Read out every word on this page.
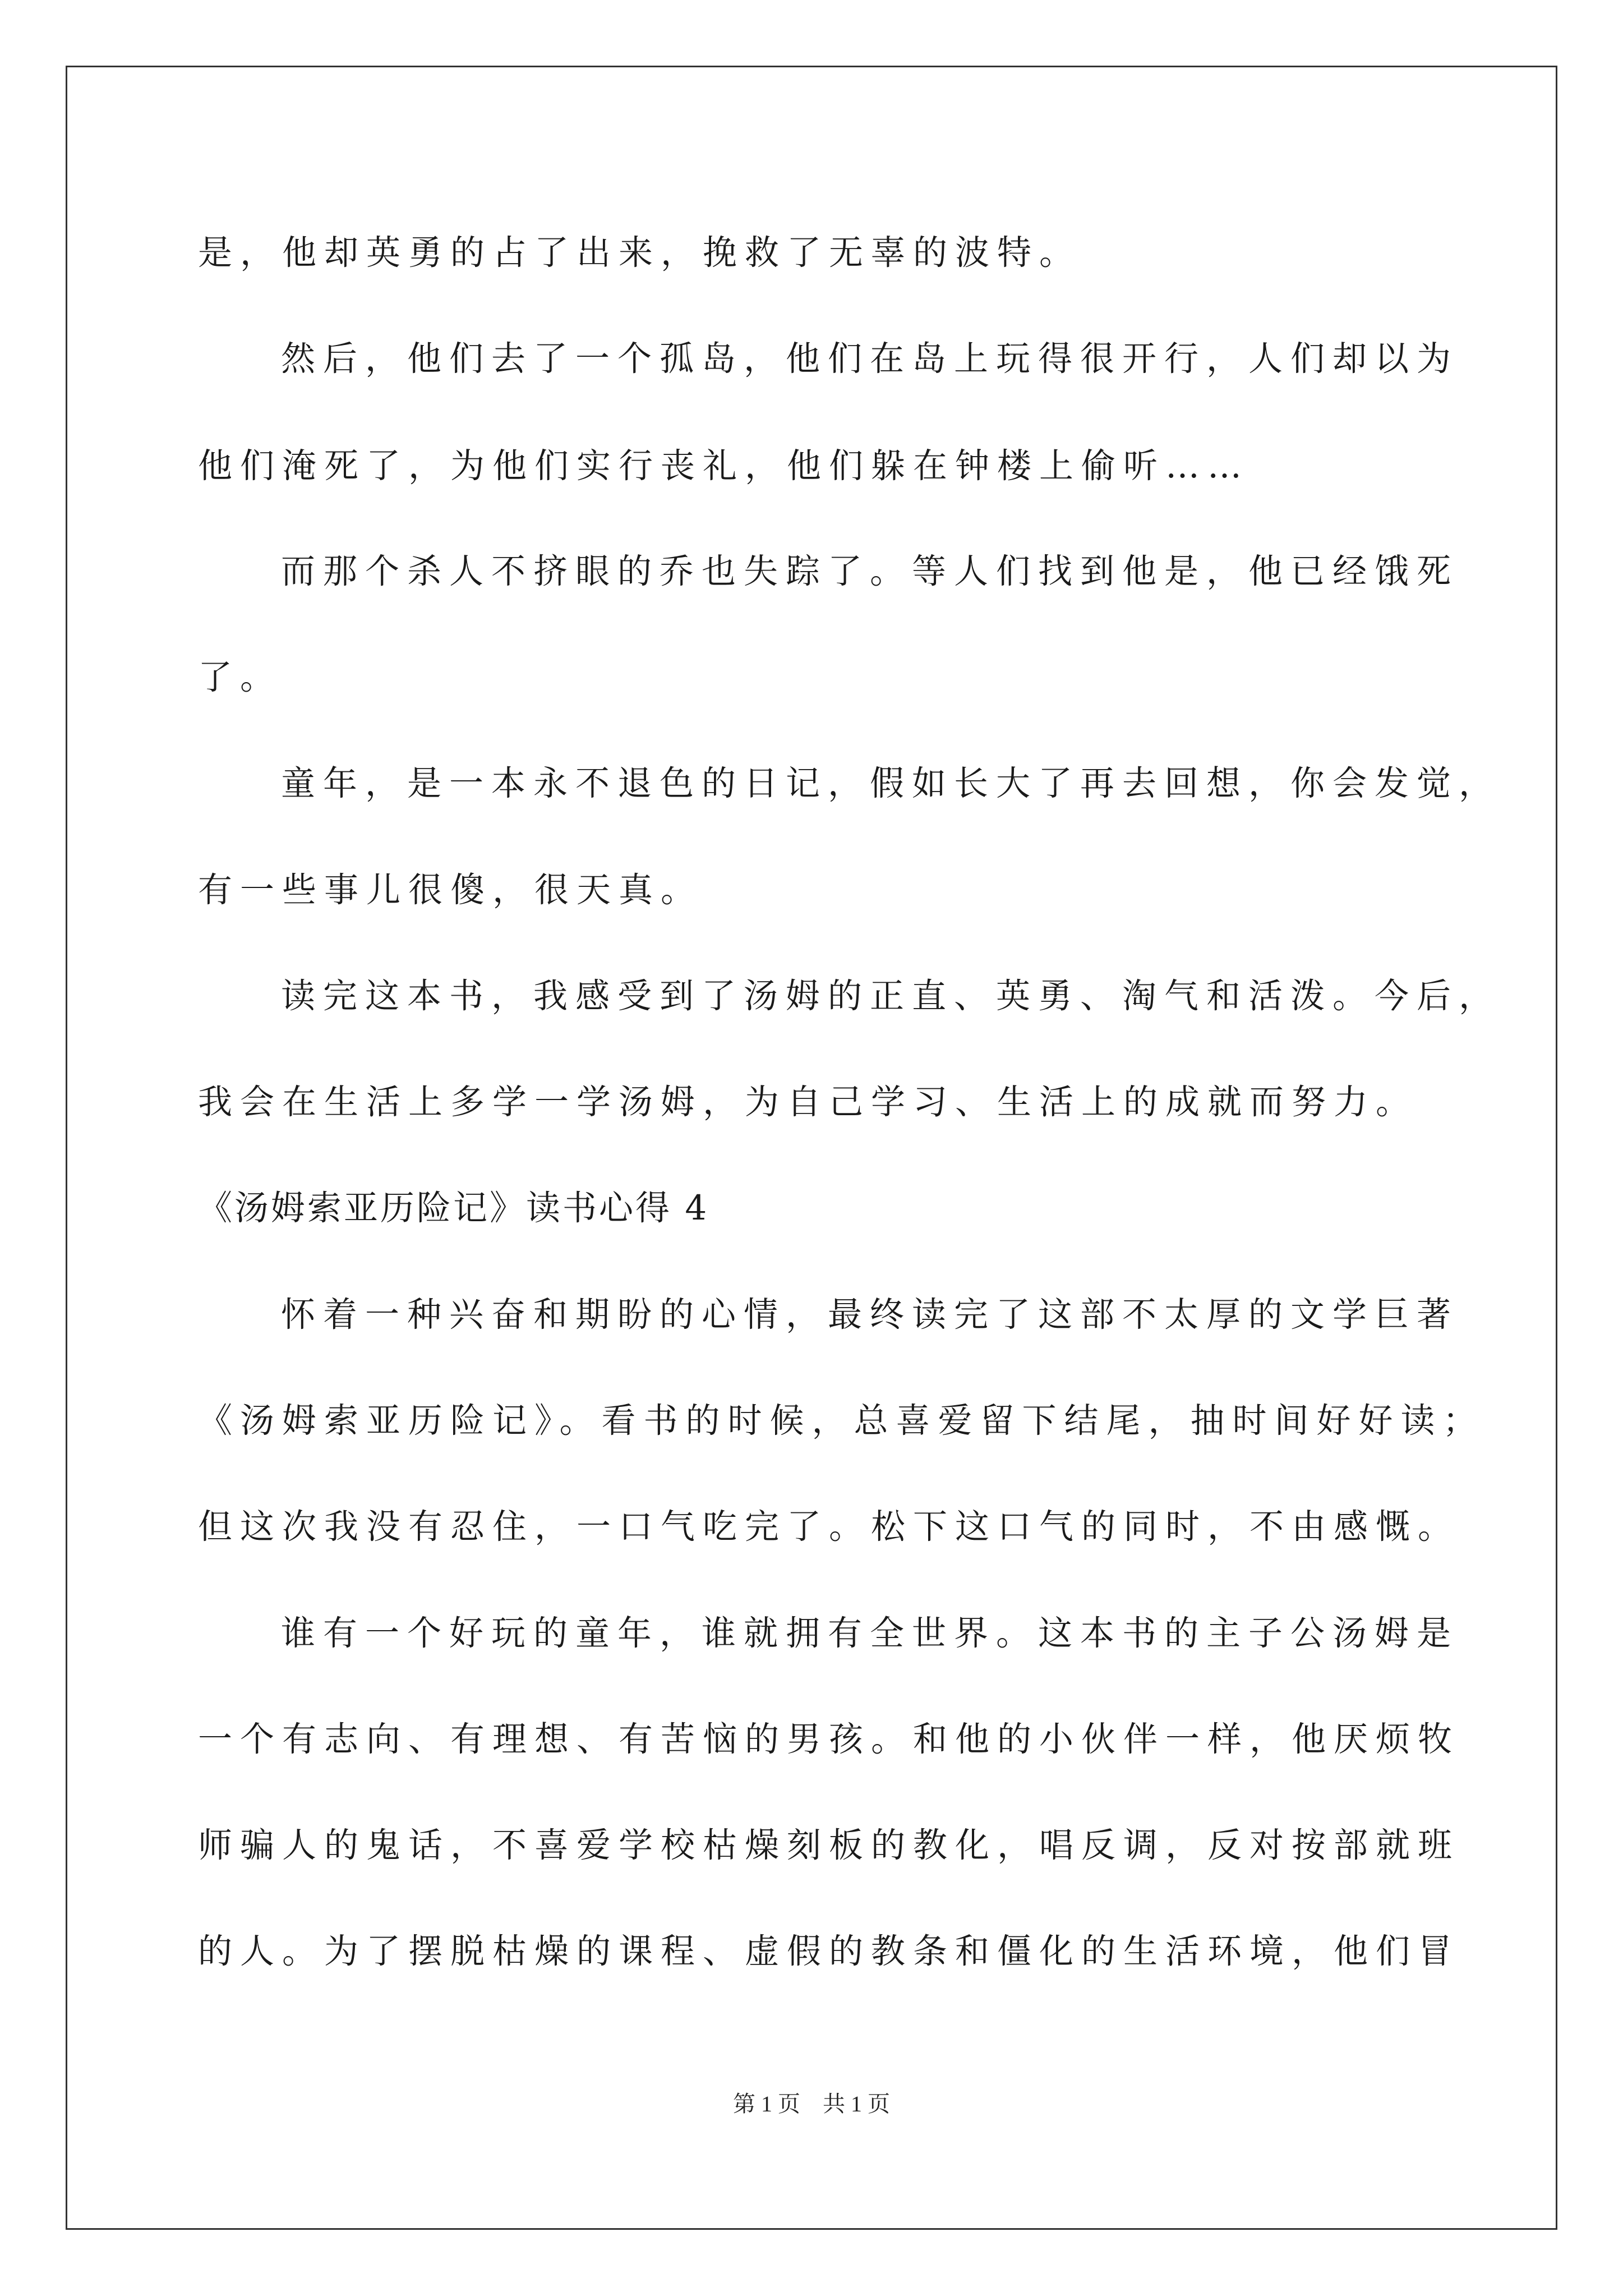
是，他却英勇的占了出来，挽救了无辜的波特。
然后，他们去了一个孤岛，他们在岛上玩得很开行，人们却以为
他们淹死了，为他们实行丧礼，他们躲在钟楼上偷听……
而那个杀人不挤眼的乔也失踪了。等人们找到他是，他已经饿死
了。
童年，是一本永不退色的日记，假如长大了再去回想，你会发觉，
有一些事儿很傻，很天真。
读完这本书，我感受到了汤姆的正直、英勇、淘气和活泼。今后，
我会在生活上多学一学汤姆，为自己学习、生活上的成就而努力。
《汤姆索亚历险记》读书心得 4
怀着一种兴奋和期盼的心情，最终读完了这部不太厚的文学巨著
《汤姆索亚历险记》。看书的时候，总喜爱留下结尾，抽时间好好读；
但这次我没有忍住，一口气吃完了。松下这口气的同时，不由感慨。
谁有一个好玩的童年，谁就拥有全世界。这本书的主子公汤姆是
一个有志向、有理想、有苦恼的男孩。和他的小伙伴一样，他厌烦牧
师骗人的鬼话，不喜爱学校枯燥刻板的教化，唱反调，反对按部就班
的人。为了摆脱枯燥的课程、虚假的教条和僵化的生活环境，他们冒
第 1 页　共 1 页
